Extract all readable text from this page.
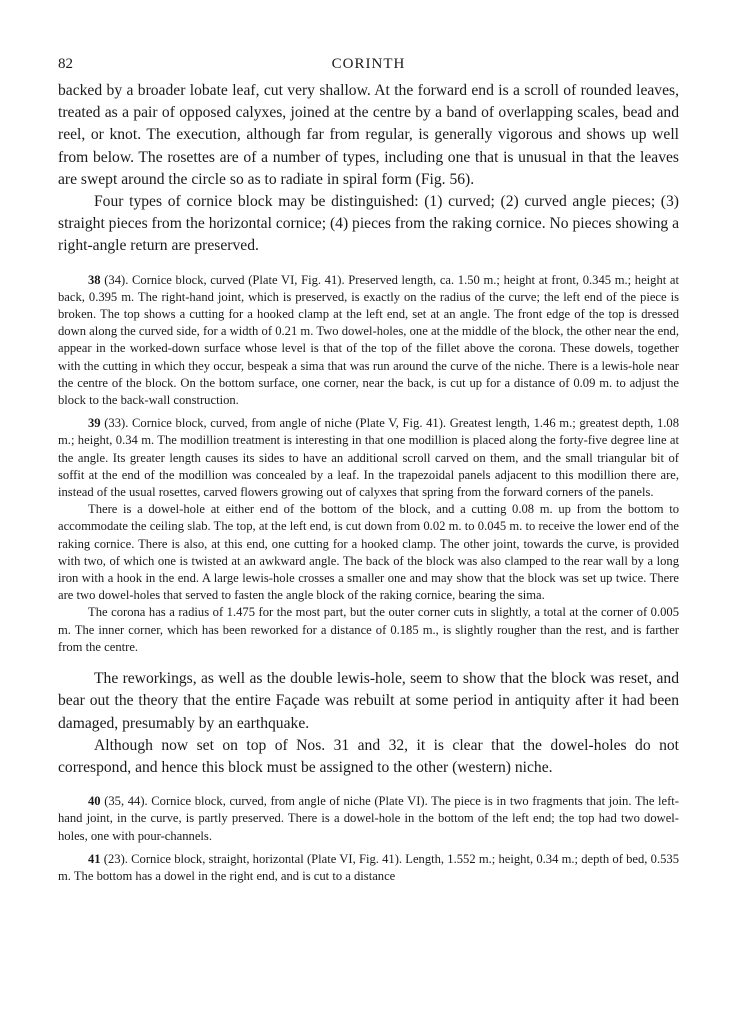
82	CORINTH

backed by a broader lobate leaf, cut very shallow. At the forward end is a scroll of rounded leaves, treated as a pair of opposed calyxes, joined at the centre by a band of overlapping scales, bead and reel, or knot. The execution, although far from regular, is generally vigorous and shows up well from below. The rosettes are of a number of types, including one that is unusual in that the leaves are swept around the circle so as to radiate in spiral form (Fig. 56).

Four types of cornice block may be distinguished: (1) curved; (2) curved angle pieces; (3) straight pieces from the horizontal cornice; (4) pieces from the raking cornice. No pieces showing a right-angle return are preserved.

38 (34). Cornice block, curved (Plate VI, Fig. 41). Preserved length, ca. 1.50 m.; height at front, 0.345 m.; height at back, 0.395 m. The right-hand joint, which is preserved, is exactly on the radius of the curve; the left end of the piece is broken. The top shows a cutting for a hooked clamp at the left end, set at an angle. The front edge of the top is dressed down along the curved side, for a width of 0.21 m. Two dowel-holes, one at the middle of the block, the other near the end, appear in the worked-down surface whose level is that of the top of the fillet above the corona. These dowels, together with the cutting in which they occur, bespeak a sima that was run around the curve of the niche. There is a lewis-hole near the centre of the block. On the bottom surface, one corner, near the back, is cut up for a distance of 0.09 m. to adjust the block to the back-wall construction.

39 (33). Cornice block, curved, from angle of niche (Plate V, Fig. 41). Greatest length, 1.46 m.; greatest depth, 1.08 m.; height, 0.34 m. The modillion treatment is interesting in that one modillion is placed along the forty-five degree line at the angle. Its greater length causes its sides to have an additional scroll carved on them, and the small triangular bit of soffit at the end of the modillion was concealed by a leaf. In the trapezoidal panels adjacent to this modillion there are, instead of the usual rosettes, carved flowers growing out of calyxes that spring from the forward corners of the panels.

There is a dowel-hole at either end of the bottom of the block, and a cutting 0.08 m. up from the bottom to accommodate the ceiling slab. The top, at the left end, is cut down from 0.02 m. to 0.045 m. to receive the lower end of the raking cornice. There is also, at this end, one cutting for a hooked clamp. The other joint, towards the curve, is provided with two, of which one is twisted at an awkward angle. The back of the block was also clamped to the rear wall by a long iron with a hook in the end. A large lewis-hole crosses a smaller one and may show that the block was set up twice. There are two dowel-holes that served to fasten the angle block of the raking cornice, bearing the sima.

The corona has a radius of 1.475 for the most part, but the outer corner cuts in slightly, a total at the corner of 0.005 m. The inner corner, which has been reworked for a distance of 0.185 m., is slightly rougher than the rest, and is farther from the centre.

The reworkings, as well as the double lewis-hole, seem to show that the block was reset, and bear out the theory that the entire Façade was rebuilt at some period in antiquity after it had been damaged, presumably by an earthquake.

Although now set on top of Nos. 31 and 32, it is clear that the dowel-holes do not correspond, and hence this block must be assigned to the other (western) niche.

40 (35, 44). Cornice block, curved, from angle of niche (Plate VI). The piece is in two fragments that join. The left-hand joint, in the curve, is partly preserved. There is a dowel-hole in the bottom of the left end; the top had two dowel-holes, one with pour-channels.

41 (23). Cornice block, straight, horizontal (Plate VI, Fig. 41). Length, 1.552 m.; height, 0.34 m.; depth of bed, 0.535 m. The bottom has a dowel in the right end, and is cut to a distance
